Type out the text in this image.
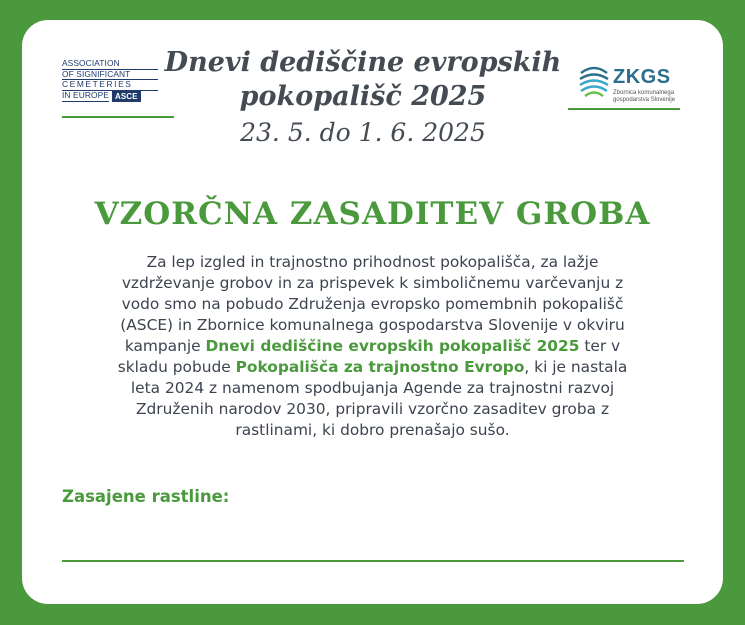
ASSOCIATION
OF SIGNIFICANT
CEMETERIES
IN EUROPE ASCE
Dnevi dediščine evropskih
pokopališč 2025
23. 5. do 1. 6. 2025
ZKGS
Zbornica komunalnega gospodarstva Slovenije
VZORČNA ZASADITEV GROBA
Za lep izgled in trajnostno prihodnost pokopališča, za lažje vzdrževanje grobov in za prispevek k simboličnemu varčevanju z vodo smo na pobudo Združenja evropsko pomembnih pokopališč (ASCE) in Zbornice komunalnega gospodarstva Slovenije v okviru kampanje Dnevi dediščine evropskih pokopališč 2025 ter v skladu pobude Pokopališča za trajnostno Evropo, ki je nastala leta 2024 z namenom spodbujanja Agende za trajnostni razvoj Združenih narodov 2030, pripravili vzorčno zasaditev groba z rastlinami, ki dobro prenašajo sušo.
Zasajene rastline:
